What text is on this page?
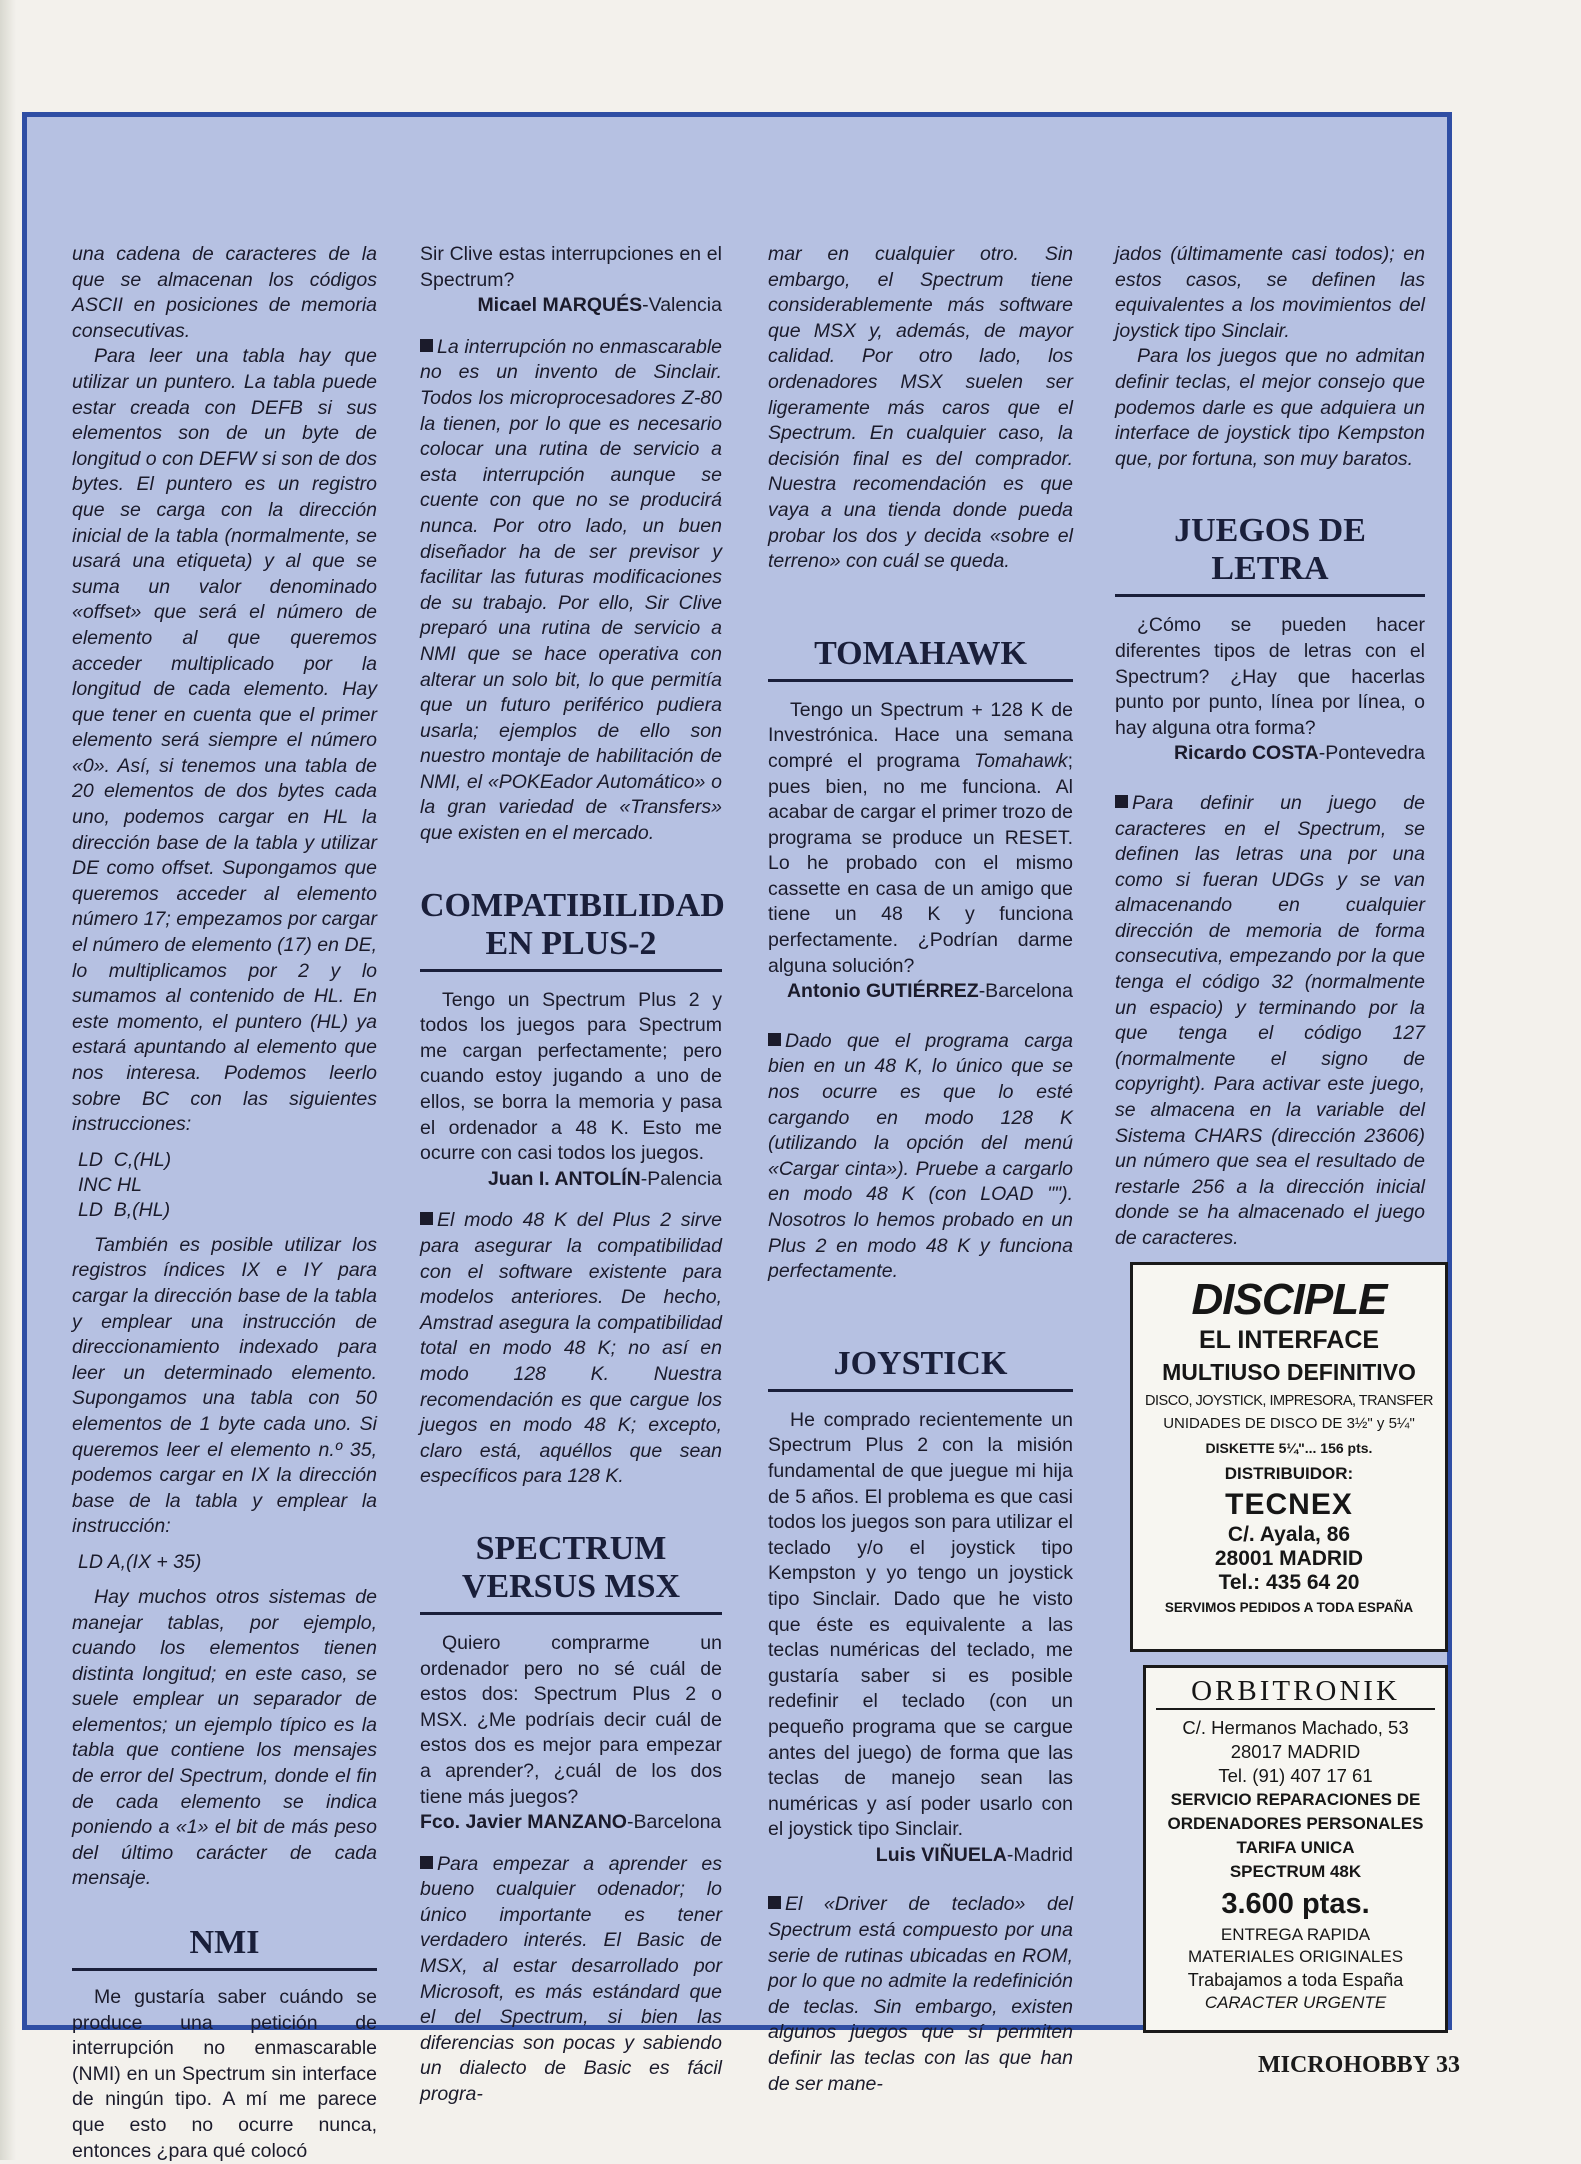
una cadena de caracteres de la que se almacenan los códigos ASCII en posiciones de memoria consecutivas.

Para leer una tabla hay que utilizar un puntero. La tabla puede estar creada con DEFB si sus elementos son de un byte de longitud o con DEFW si son de dos bytes. El puntero es un registro que se carga con la dirección inicial de la tabla (normalmente, se usará una etiqueta) y al que se suma un valor denominado «offset» que será el número de elemento al que queremos acceder multiplicado por la longitud de cada elemento. Hay que tener en cuenta que el primer elemento será siempre el número «0». Así, si tenemos una tabla de 20 elementos de dos bytes cada uno, podemos cargar en HL la dirección base de la tabla y utilizar DE como offset. Supongamos que queremos acceder al elemento número 17; empezamos por cargar el número de elemento (17) en DE, lo multiplicamos por 2 y lo sumamos al contenido de HL. En este momento, el puntero (HL) ya estará apuntando al elemento que nos interesa. Podemos leerlo sobre BC con las siguientes instrucciones:

LD  C,(HL)
INC HL
LD  B,(HL)

También es posible utilizar los registros índices IX e IY para cargar la dirección base de la tabla y emplear una instrucción de direccionamiento indexado para leer un determinado elemento. Supongamos una tabla con 50 elementos de 1 byte cada uno. Si queremos leer el elemento n.º 35, podemos cargar en IX la dirección base de la tabla y emplear la instrucción:

LD A,(IX + 35)

Hay muchos otros sistemas de manejar tablas, por ejemplo, cuando los elementos tienen distinta longitud; en este caso, se suele emplear un separador de elementos; un ejemplo típico es la tabla que contiene los mensajes de error del Spectrum, donde el fin de cada elemento se indica poniendo a «1» el bit de más peso del último carácter de cada mensaje.

NMI

Me gustaría saber cuándo se produce una petición de interrupción no enmascarable (NMI) en un Spectrum sin interface de ningún tipo. A mí me parece que esto no ocurre nunca, entonces ¿para qué colocó

Sir Clive estas interrupciones en el Spectrum?

Micael MARQUÉS-Valencia

La interrupción no enmascarable no es un invento de Sinclair. Todos los microprocesadores Z-80 la tienen, por lo que es necesario colocar una rutina de servicio a esta interrupción aunque se cuente con que no se producirá nunca. Por otro lado, un buen diseñador ha de ser previsor y facilitar las futuras modificaciones de su trabajo. Por ello, Sir Clive preparó una rutina de servicio a NMI que se hace operativa con alterar un solo bit, lo que permitía que un futuro periférico pudiera usarla; ejemplos de ello son nuestro montaje de habilitación de NMI, el «POKEador Automático» o la gran variedad de «Transfers» que existen en el mercado.

COMPATIBILIDAD
EN PLUS-2

Tengo un Spectrum Plus 2 y todos los juegos para Spectrum me cargan perfectamente; pero cuando estoy jugando a uno de ellos, se borra la memoria y pasa el ordenador a 48 K. Esto me ocurre con casi todos los juegos.

Juan I. ANTOLÍN-Palencia

El modo 48 K del Plus 2 sirve para asegurar la compatibilidad con el software existente para modelos anteriores. De hecho, Amstrad asegura la compatibilidad total en modo 48 K; no así en modo 128 K. Nuestra recomendación es que cargue los juegos en modo 48 K; excepto, claro está, aquéllos que sean específicos para 128 K.

SPECTRUM
VERSUS MSX

Quiero comprarme un ordenador pero no sé cuál de estos dos: Spectrum Plus 2 o MSX. ¿Me podríais decir cuál de estos dos es mejor para empezar a aprender?, ¿cuál de los dos tiene más juegos?

Fco. Javier MANZANO-Barcelona

Para empezar a aprender es bueno cualquier odenador; lo único importante es tener verdadero interés. El Basic de MSX, al estar desarrollado por Microsoft, es más estándard que el del Spectrum, si bien las diferencias son pocas y sabiendo un dialecto de Basic es fácil progra-

mar en cualquier otro. Sin embargo, el Spectrum tiene considerablemente más software que MSX y, además, de mayor calidad. Por otro lado, los ordenadores MSX suelen ser ligeramente más caros que el Spectrum. En cualquier caso, la decisión final es del comprador. Nuestra recomendación es que vaya a una tienda donde pueda probar los dos y decida «sobre el terreno» con cuál se queda.

TOMAHAWK

Tengo un Spectrum + 128 K de Investrónica. Hace una semana compré el programa Tomahawk; pues bien, no me funciona. Al acabar de cargar el primer trozo de programa se produce un RESET. Lo he probado con el mismo cassette en casa de un amigo que tiene un 48 K y funciona perfectamente. ¿Podrían darme alguna solución?

Antonio GUTIÉRREZ-Barcelona

Dado que el programa carga bien en un 48 K, lo único que se nos ocurre es que lo esté cargando en modo 128 K (utilizando la opción del menú «Cargar cinta»). Pruebe a cargarlo en modo 48 K (con LOAD ""). Nosotros lo hemos probado en un Plus 2 en modo 48 K y funciona perfectamente.

JOYSTICK

He comprado recientemente un Spectrum Plus 2 con la misión fundamental de que juegue mi hija de 5 años. El problema es que casi todos los juegos son para utilizar el teclado y/o el joystick tipo Kempston y yo tengo un joystick tipo Sinclair. Dado que he visto que éste es equivalente a las teclas numéricas del teclado, me gustaría saber si es posible redefinir el teclado (con un pequeño programa que se cargue antes del juego) de forma que las teclas de manejo sean las numéricas y así poder usarlo con el joystick tipo Sinclair.

Luis VIÑUELA-Madrid

El «Driver de teclado» del Spectrum está compuesto por una serie de rutinas ubicadas en ROM, por lo que no admite la redefinición de teclas. Sin embargo, existen algunos juegos que sí permiten definir las teclas con las que han de ser mane-

jados (últimamente casi todos); en estos casos, se definen las equivalentes a los movimientos del joystick tipo Sinclair.

Para los juegos que no admitan definir teclas, el mejor consejo que podemos darle es que adquiera un interface de joystick tipo Kempston que, por fortuna, son muy baratos.

JUEGOS DE LETRA

¿Cómo se pueden hacer diferentes tipos de letras con el Spectrum? ¿Hay que hacerlas punto por punto, línea por línea, o hay alguna otra forma?

Ricardo COSTA-Pontevedra

Para definir un juego de caracteres en el Spectrum, se definen las letras una por una como si fueran UDGs y se van almacenando en cualquier dirección de memoria de forma consecutiva, empezando por la que tenga el código 32 (normalmente un espacio) y terminando por la que tenga el código 127 (normalmente el signo de copyright). Para activar este juego, se almacena en la variable del Sistema CHARS (dirección 23606) un número que sea el resultado de restarle 256 a la dirección inicial donde se ha almacenado el juego de caracteres.

DISCIPLE
EL INTERFACE
MULTIUSO DEFINITIVO
DISCO, JOYSTICK, IMPRESORA, TRANSFER
UNIDADES DE DISCO DE 3½" y 5¼"
DISKETTE 5¼"... 156 pts.
DISTRIBUIDOR:
TECNEX
C/. Ayala, 86
28001 MADRID
Tel.: 435 64 20
SERVIMOS PEDIDOS A TODA ESPAÑA
ORBITRONIK
C/. Hermanos Machado, 53
28017 MADRID
Tel. (91) 407 17 61
SERVICIO REPARACIONES DE
ORDENADORES PERSONALES
TARIFA UNICA
SPECTRUM 48K
3.600 ptas.
ENTREGA RAPIDA
MATERIALES ORIGINALES
Trabajamos a toda España
CARACTER URGENTE
MICROHOBBY 33
